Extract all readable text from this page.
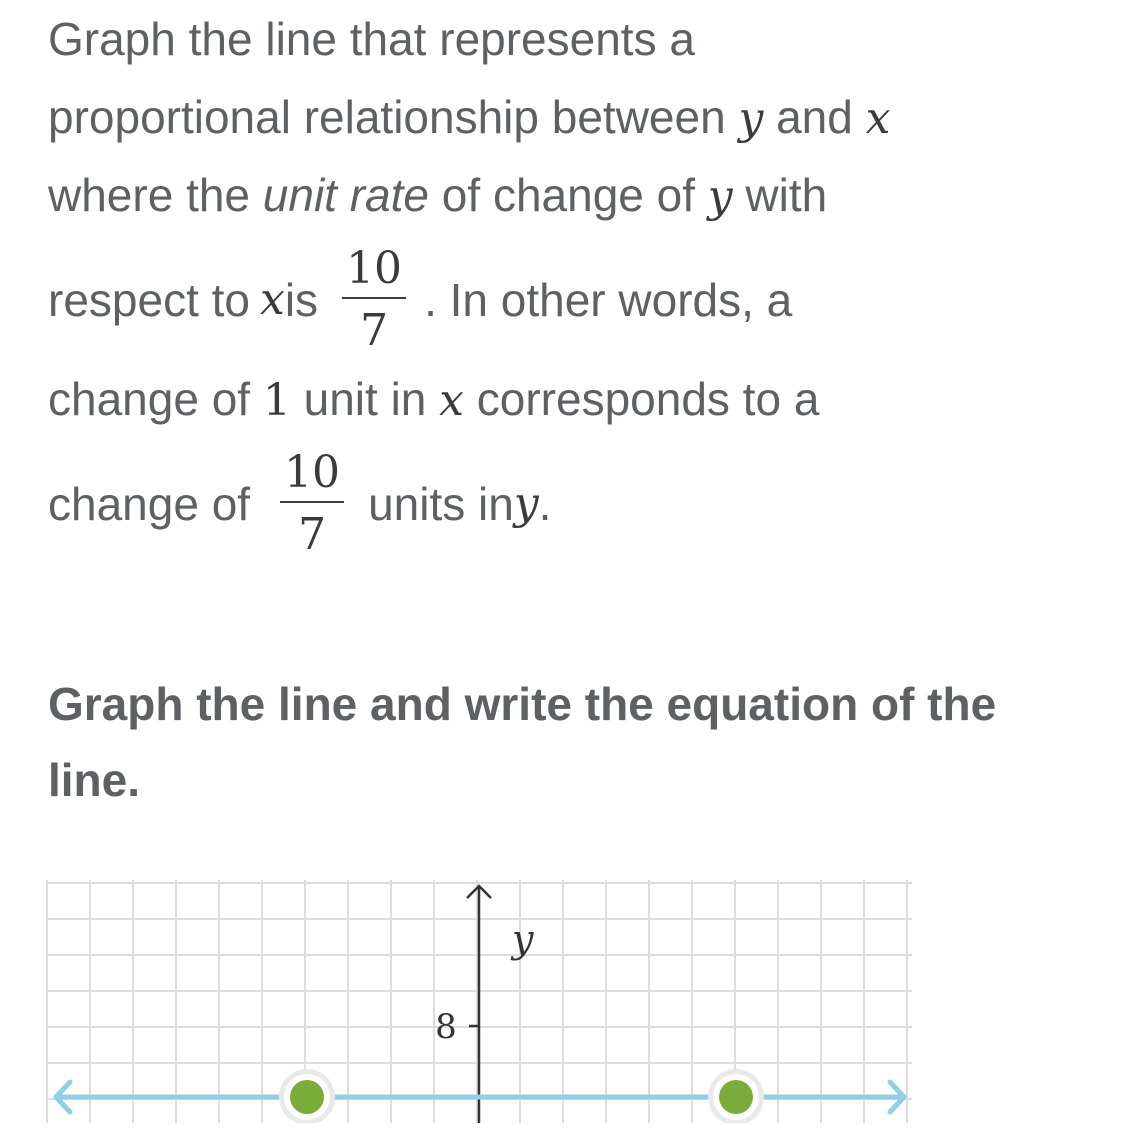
Graph the line that represents a
proportional relationship between y and x
where the unit rate of change of y with
respect to x is $\frac{10}{7}$ . In other words, a
change of 1 unit in x corresponds to a
change of $\frac{10}{7}$ units in y .
Graph the line and write the equation of the line.
y
8
